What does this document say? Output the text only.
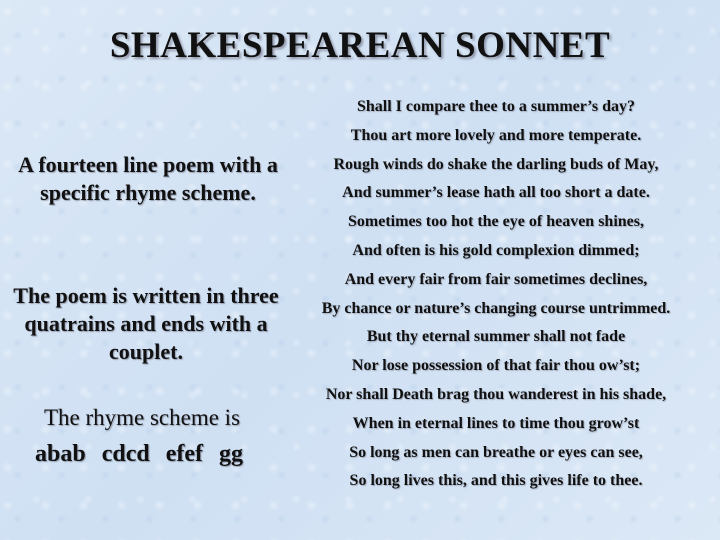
SHAKESPEAREAN SONNET
A fourteen line poem with a specific rhyme scheme.
The poem is written in three quatrains and ends with a couplet.
The rhyme scheme is
abab cdcd efef gg
Shall I compare thee to a summer’s day?
Thou art more lovely and more temperate.
Rough winds do shake the darling buds of May,
And summer’s lease hath all too short a date.
Sometimes too hot the eye of heaven shines,
And often is his gold complexion dimmed;
And every fair from fair sometimes declines,
By chance or nature’s changing course untrimmed.
But thy eternal summer shall not fade
Nor lose possession of that fair thou ow’st;
Nor shall Death brag thou wanderest in his shade,
When in eternal lines to time thou grow’st
So long as men can breathe or eyes can see,
So long lives this, and this gives life to thee.
